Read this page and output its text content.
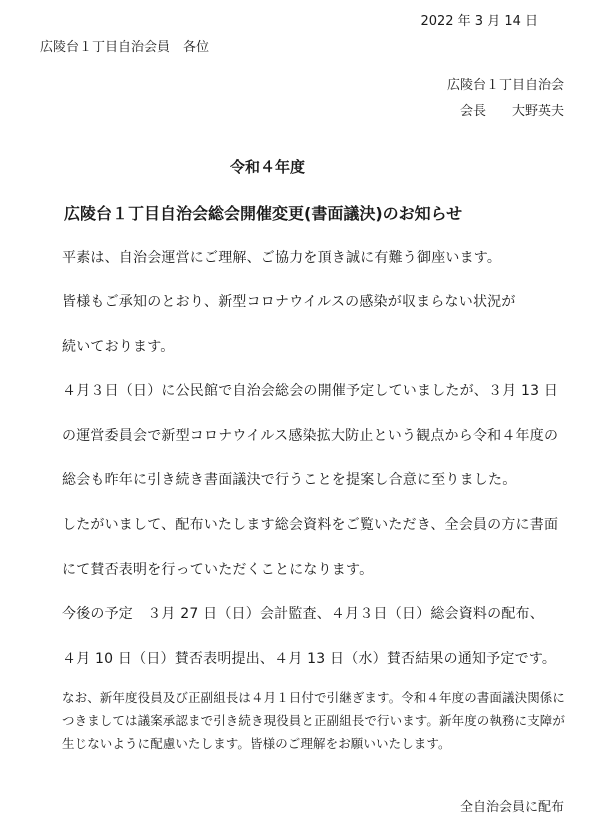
2022 年 3 月 14 日
広陵台１丁目自治会員　各位
広陵台１丁目自治会
会長　　大野英夫
令和４年度
広陵台１丁目自治会総会開催変更(書面議決)のお知らせ
平素は、自治会運営にご理解、ご協力を頂き誠に有難う御座います。
皆様もご承知のとおり、新型コロナウイルスの感染が収まらない状況が
続いております。
４月３日（日）に公民館で自治会総会の開催予定していましたが、３月 13 日
の運営委員会で新型コロナウイルス感染拡大防止という観点から令和４年度の
総会も昨年に引き続き書面議決で行うことを提案し合意に至りました。
したがいまして、配布いたします総会資料をご覧いただき、全会員の方に書面
にて賛否表明を行っていただくことになります。
今後の予定　３月 27 日（日）会計監査、４月３日（日）総会資料の配布、
４月 10 日（日）賛否表明提出、４月 13 日（水）賛否結果の通知予定です。
なお、新年度役員及び正副組長は４月１日付で引継ぎます。令和４年度の書面議決関係に
つきましては議案承認まで引き続き現役員と正副組長で行います。新年度の執務に支障が
生じないように配慮いたします。皆様のご理解をお願いいたします。
全自治会員に配布
